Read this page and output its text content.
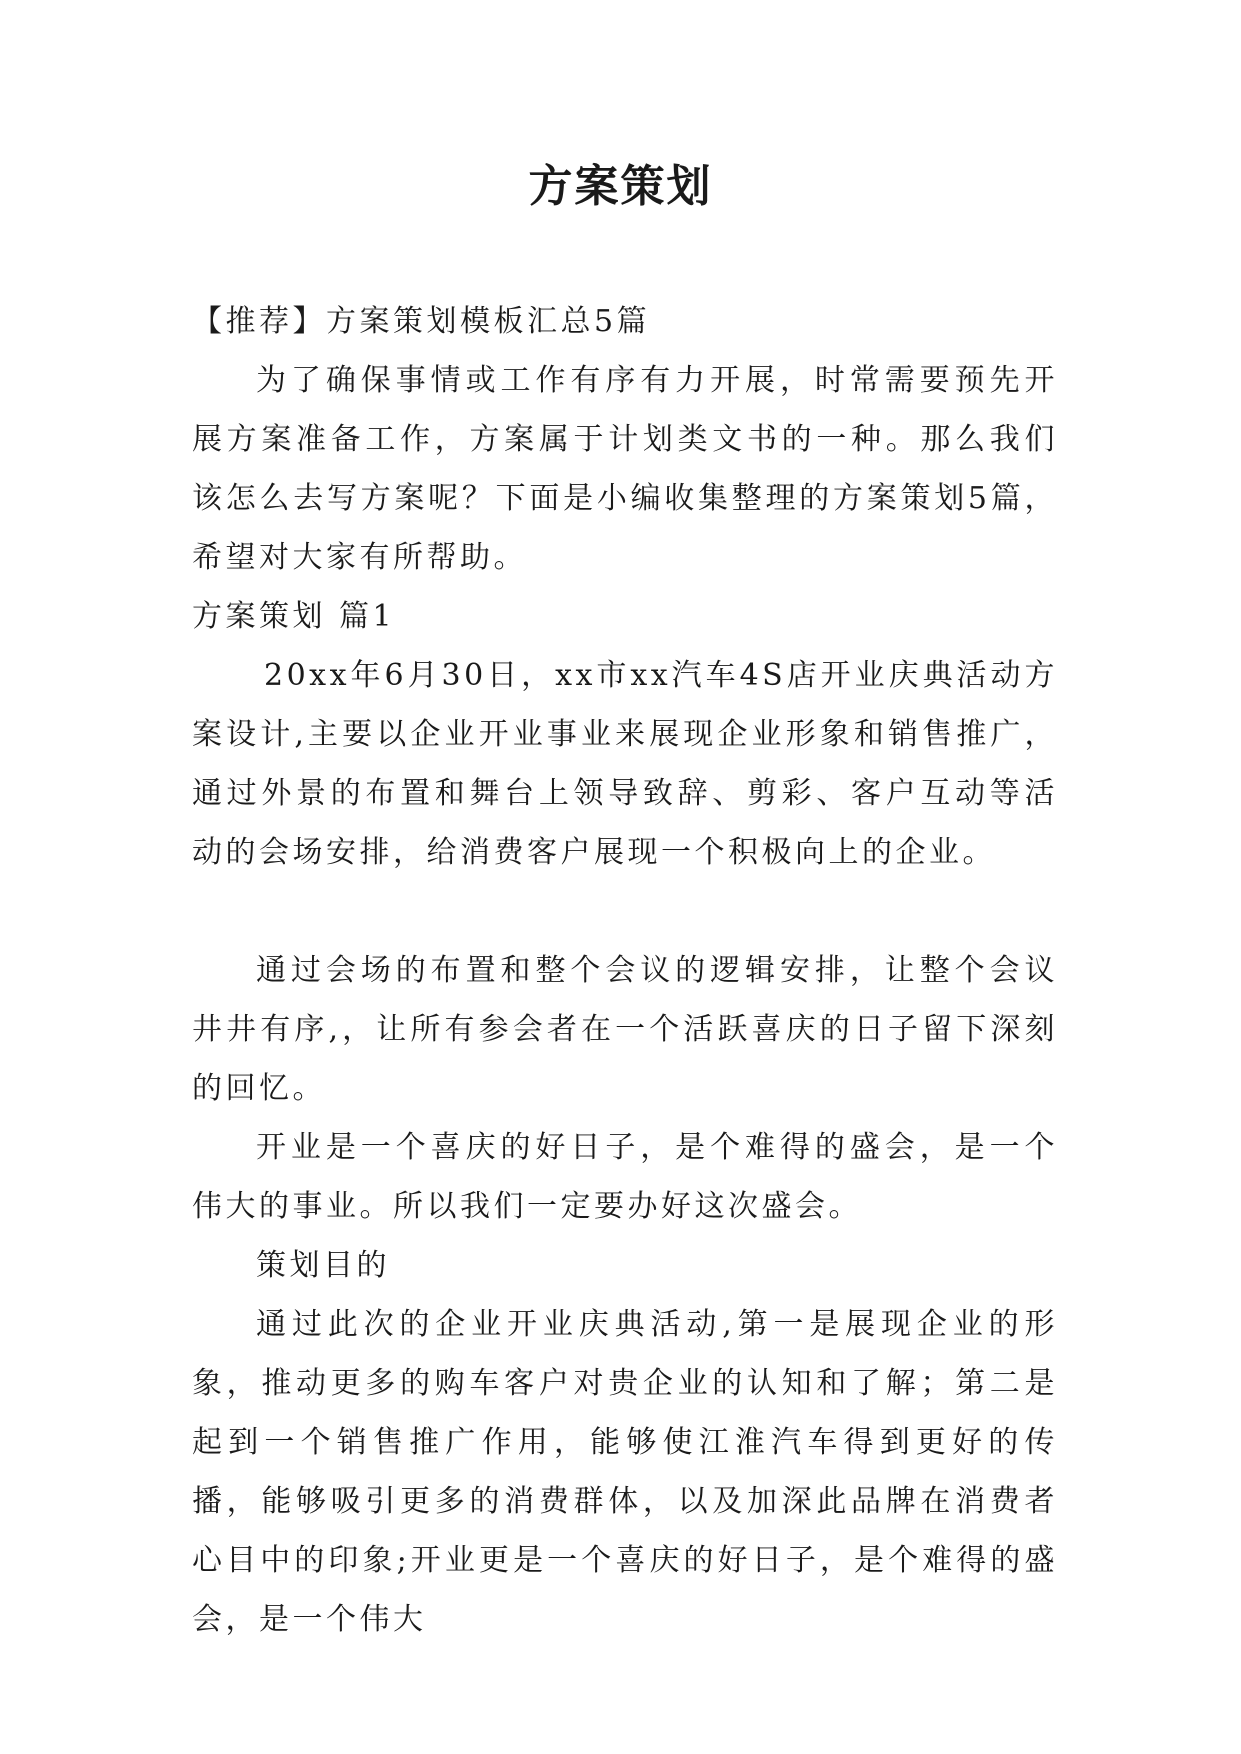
方案策划

【推荐】方案策划模板汇总5篇

为了确保事情或工作有序有力开展，时常需要预先开展方案准备工作，方案属于计划类文书的一种。那么我们该怎么去写方案呢？下面是小编收集整理的方案策划5篇，希望对大家有所帮助。

方案策划 篇1

20xx年6月30日，xx市xx汽车4S店开业庆典活动方案设计,主要以企业开业事业来展现企业形象和销售推广，通过外景的布置和舞台上领导致辞、剪彩、客户互动等活动的会场安排，给消费客户展现一个积极向上的企业。

通过会场的布置和整个会议的逻辑安排，让整个会议井井有序,，让所有参会者在一个活跃喜庆的日子留下深刻的回忆。

开业是一个喜庆的好日子，是个难得的盛会，是一个伟大的事业。所以我们一定要办好这次盛会。

策划目的

通过此次的企业开业庆典活动,第一是展现企业的形象，推动更多的购车客户对贵企业的认知和了解；第二是起到一个销售推广作用，能够使江淮汽车得到更好的传播，能够吸引更多的消费群体，以及加深此品牌在消费者心目中的印象;开业更是一个喜庆的好日子，是个难得的盛会，是一个伟大
